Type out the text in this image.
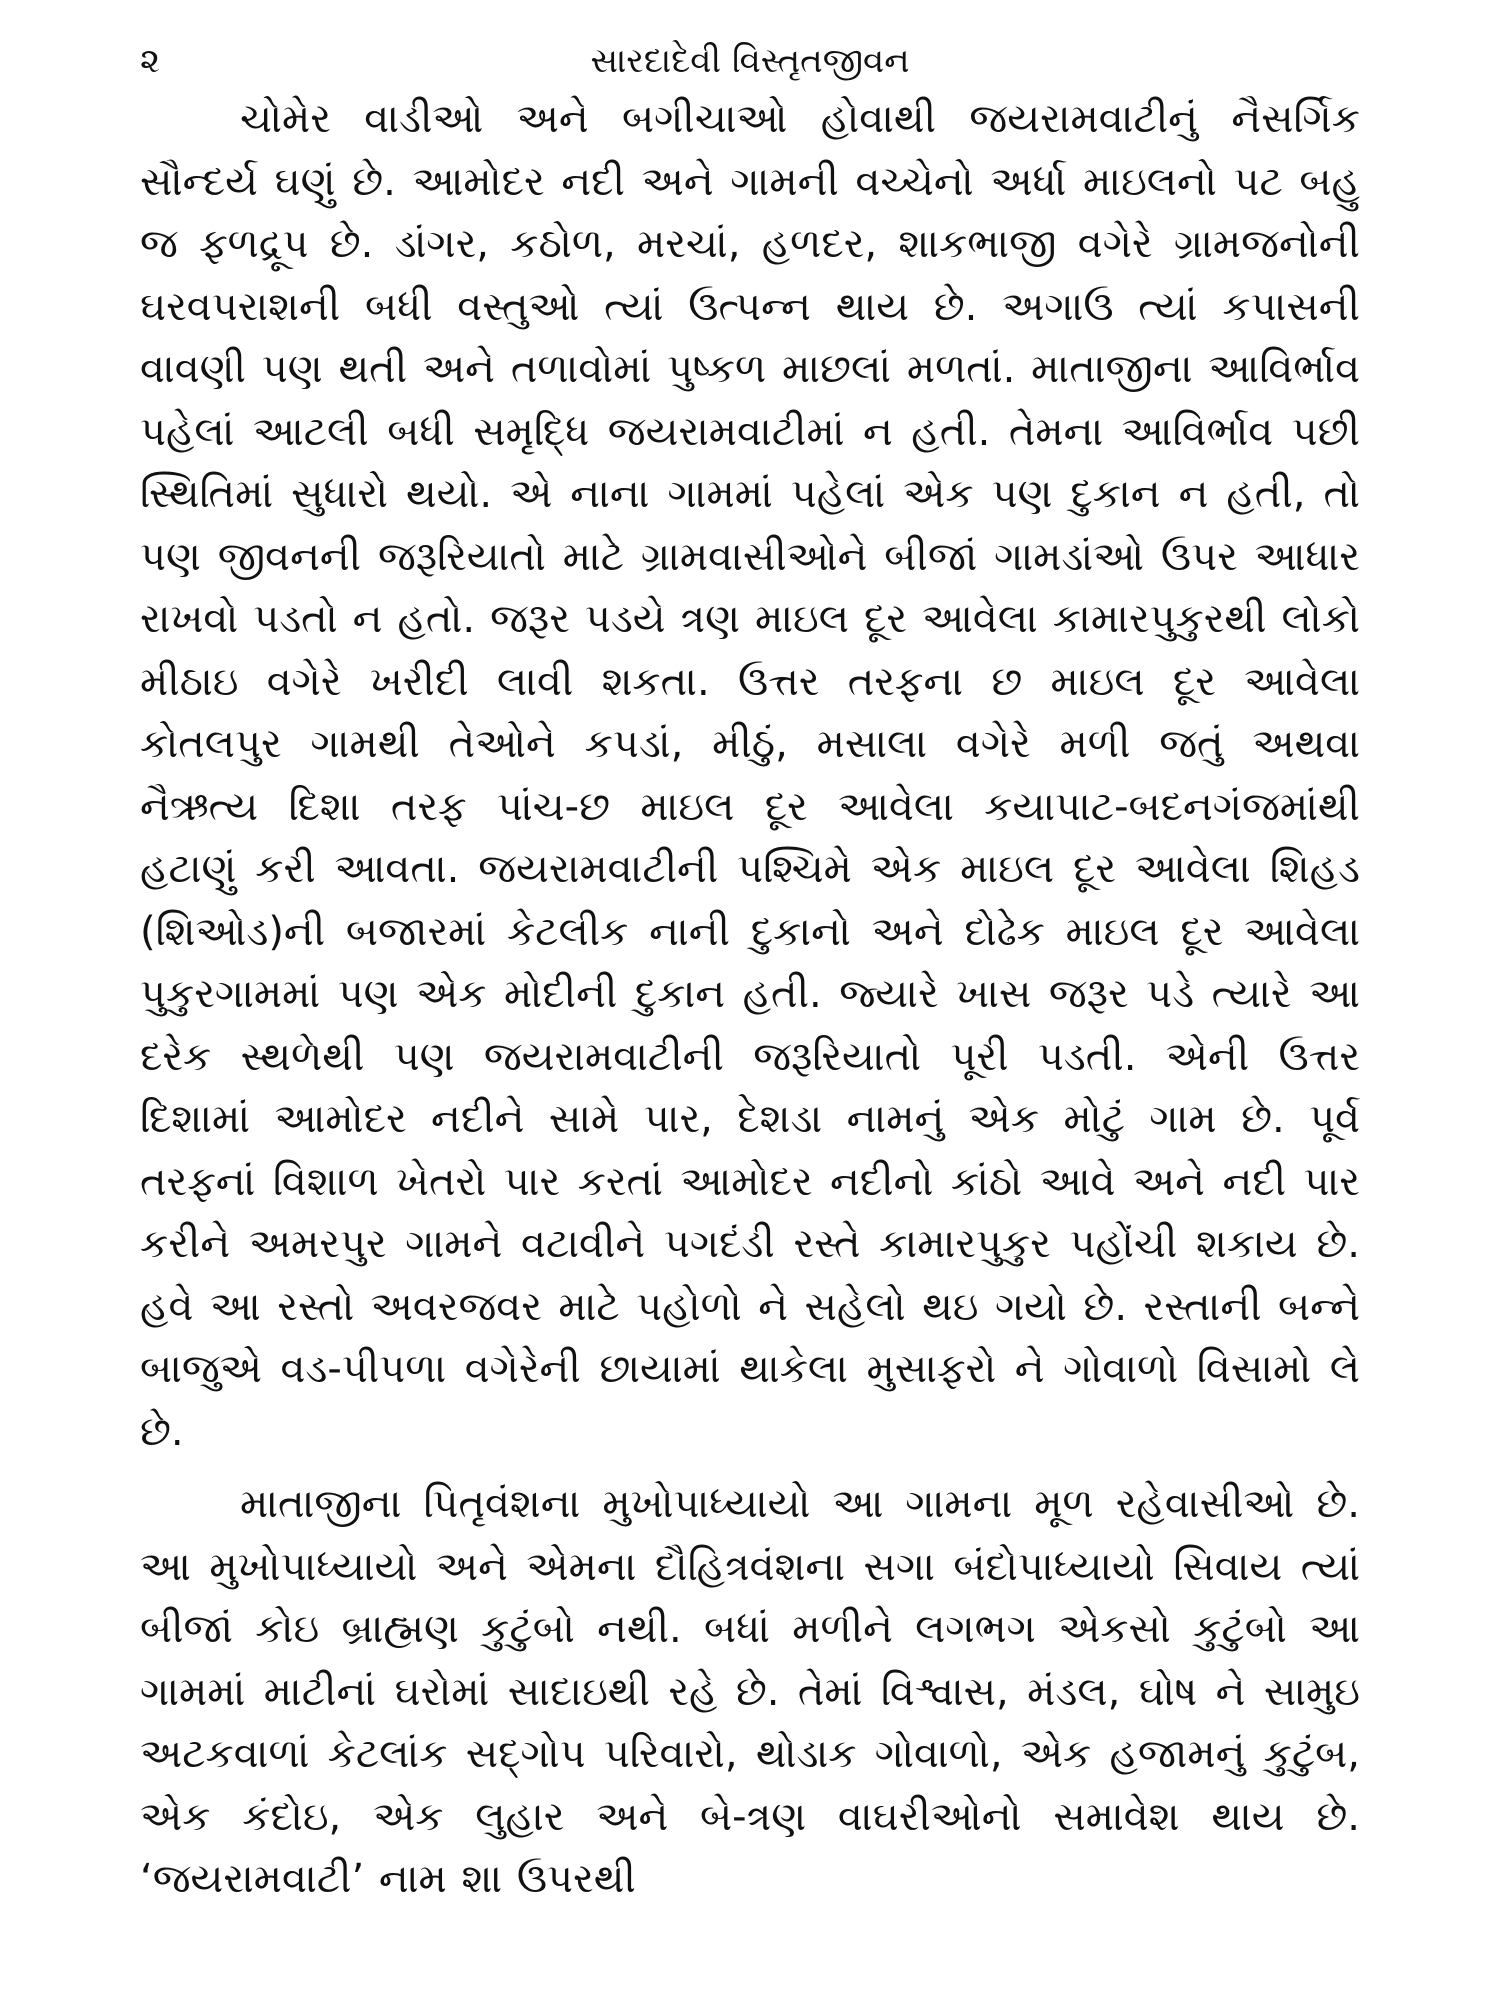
૨	સારદાદેવી વિસ્તૃતજીવન

ચોમેર વાડીઓ અને બગીચાઓ હોવાથી જયરામવાટીનું નૈસર્ગિક સૌન્દર્ય ઘણું છે. આમોદર નદી અને ગામની વચ્ચેનો અર્ધા માઇલનો પટ બહુ જ ફળદ્રૂપ છે. ડાંગર, કઠોળ, મરચાં, હળદર, શાકભાજી વગેરે ગ્રામજનોની ઘરવપરાશની બધી વસ્તુઓ ત્યાં ઉત્પન્ન થાય છે. અગાઉ ત્યાં કપાસની વાવણી પણ થતી અને તળાવોમાં પુષ્કળ માછલાં મળતાં. માતાજીના આવિર્ભાવ પહેલાં આટલી બધી સમૃદ્ધિ જયરામવાટીમાં ન હતી. તેમના આવિર્ભાવ પછી સ્થિતિમાં સુધારો થયો. એ નાના ગામમાં પહેલાં એક પણ દુકાન ન હતી, તો પણ જીવનની જરૂરિયાતો માટે ગ્રામવાસીઓને બીજાં ગામડાંઓ ઉપર આધાર રાખવો પડતો ન હતો. જરૂર પડયે ત્રણ માઇલ દૂર આવેલા કામારપુકુરથી લોકો મીઠાઇ વગેરે ખરીદી લાવી શકતા. ઉત્તર તરફના છ માઇલ દૂર આવેલા કોતલપુર ગામથી તેઓને કપડાં, મીઠું, મસાલા વગેરે મળી જતું અથવા નૈઋત્ય દિશા તરફ પાંચ-છ માઇલ દૂર આવેલા કયાપાટ-બદનગંજમાંથી હટાણું કરી આવતા. જયરામવાટીની પશ્ચિમે એક માઇલ દૂર આવેલા શિહડ (શિઓડ)ની બજારમાં કેટલીક નાની દુકાનો અને દોઢેક માઇલ દૂર આવેલા પુકુરગામમાં પણ એક મોદીની દુકાન હતી. જ્યારે ખાસ જરૂર પડે ત્યારે આ દરેક સ્થળેથી પણ જયરામવાટીની જરૂરિયાતો પૂરી પડતી. એની ઉત્તર દિશામાં આમોદર નદીને સામે પાર, દેશડા નામનું એક મોટું ગામ છે. પૂર્વ તરફનાં વિશાળ ખેતરો પાર કરતાં આમોદર નદીનો કાંઠો આવે અને નદી પાર કરીને અમરપુર ગામને વટાવીને પગદંડી રસ્તે કામારપુકુર પહોંચી શકાય છે. હવે આ રસ્તો અવરજવર માટે પહોળો ને સહેલો થઇ ગયો છે. રસ્તાની બન્ને બાજુએ વડ-પીપળા વગેરેની છાયામાં થાકેલા મુસાફરો ને ગોવાળો વિસામો લે છે.

માતાજીના પિતૃવંશના મુખોપાધ્યાયો આ ગામના મૂળ રહેવાસીઓ છે. આ મુખોપાધ્યાયો અને એમના દૌહિત્રવંશના સગા બંદોપાધ્યાયો સિવાય ત્યાં બીજાં કોઇ બ્રાહ્મણ કુટુંબો નથી. બધાં મળીને લગભગ એકસો કુટુંબો આ ગામમાં માટીનાં ઘરોમાં સાદાઇથી રહે છે. તેમાં વિશ્વાસ, મંડલ, ઘોષ ને સામુઇ અટકવાળાં કેટલાંક સદ્ગોપ પરિવારો, થોડાક ગોવાળો, એક હજામનું કુટુંબ, એક કંદોઇ, એક લુહાર અને બે-ત્રણ વાઘરીઓનો સમાવેશ થાય છે. ‘જયરામવાટી’ નામ શા ઉપરથી
